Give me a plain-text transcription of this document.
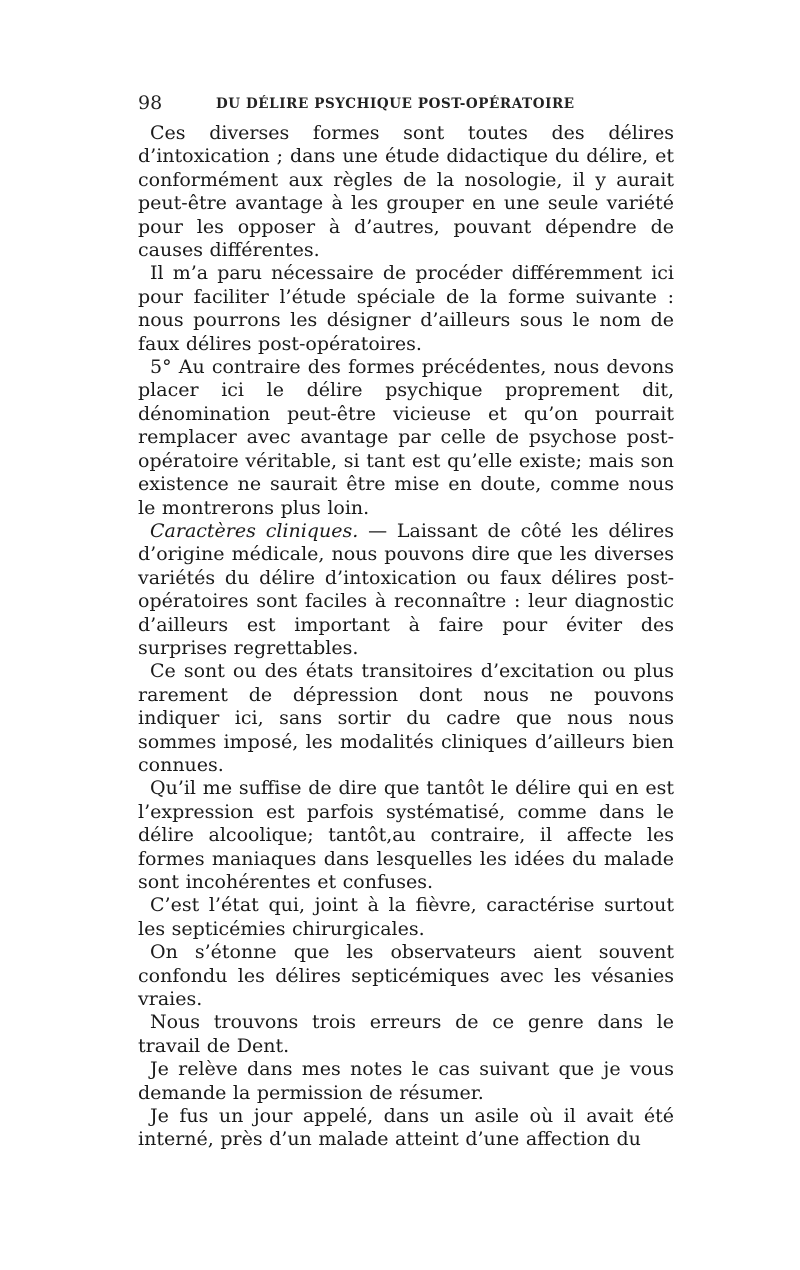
98	DU DÉLIRE PSYCHIQUE POST-OPÉRATOIRE

Ces diverses formes sont toutes des délires d’intoxication ; dans une étude didactique du délire, et conformément aux règles de la nosologie, il y aurait peut-être avantage à les grouper en une seule variété pour les opposer à d’autres, pouvant dépendre de causes différentes.

Il m’a paru nécessaire de procéder différemment ici pour faciliter l’étude spéciale de la forme suivante : nous pourrons les désigner d’ailleurs sous le nom de faux délires post-opératoires.

5° Au contraire des formes précédentes, nous devons placer ici le délire psychique proprement dit, dénomination peut-être vicieuse et qu’on pourrait remplacer avec avantage par celle de psychose post-opératoire véritable, si tant est qu’elle existe; mais son existence ne saurait être mise en doute, comme nous le montrerons plus loin.

Caractères cliniques. — Laissant de côté les délires d’origine médicale, nous pouvons dire que les diverses variétés du délire d’intoxication ou faux délires post-opératoires sont faciles à reconnaître : leur diagnostic d’ailleurs est important à faire pour éviter des surprises regrettables.

Ce sont ou des états transitoires d’excitation ou plus rarement de dépression dont nous ne pouvons indiquer ici, sans sortir du cadre que nous nous sommes imposé, les modalités cliniques d’ailleurs bien connues.

Qu’il me suffise de dire que tantôt le délire qui en est l’expression est parfois systématisé, comme dans le délire alcoolique; tantôt,au contraire, il affecte les formes maniaques dans lesquelles les idées du malade sont incohérentes et confuses.

C’est l’état qui, joint à la fièvre, caractérise surtout les septicémies chirurgicales.

On s’étonne que les observateurs aient souvent confondu les délires septicémiques avec les vésanies vraies.

Nous trouvons trois erreurs de ce genre dans le travail de Dent.

Je relève dans mes notes le cas suivant que je vous demande la permission de résumer.

Je fus un jour appelé, dans un asile où il avait été interné, près d’un malade atteint d’une affection du
